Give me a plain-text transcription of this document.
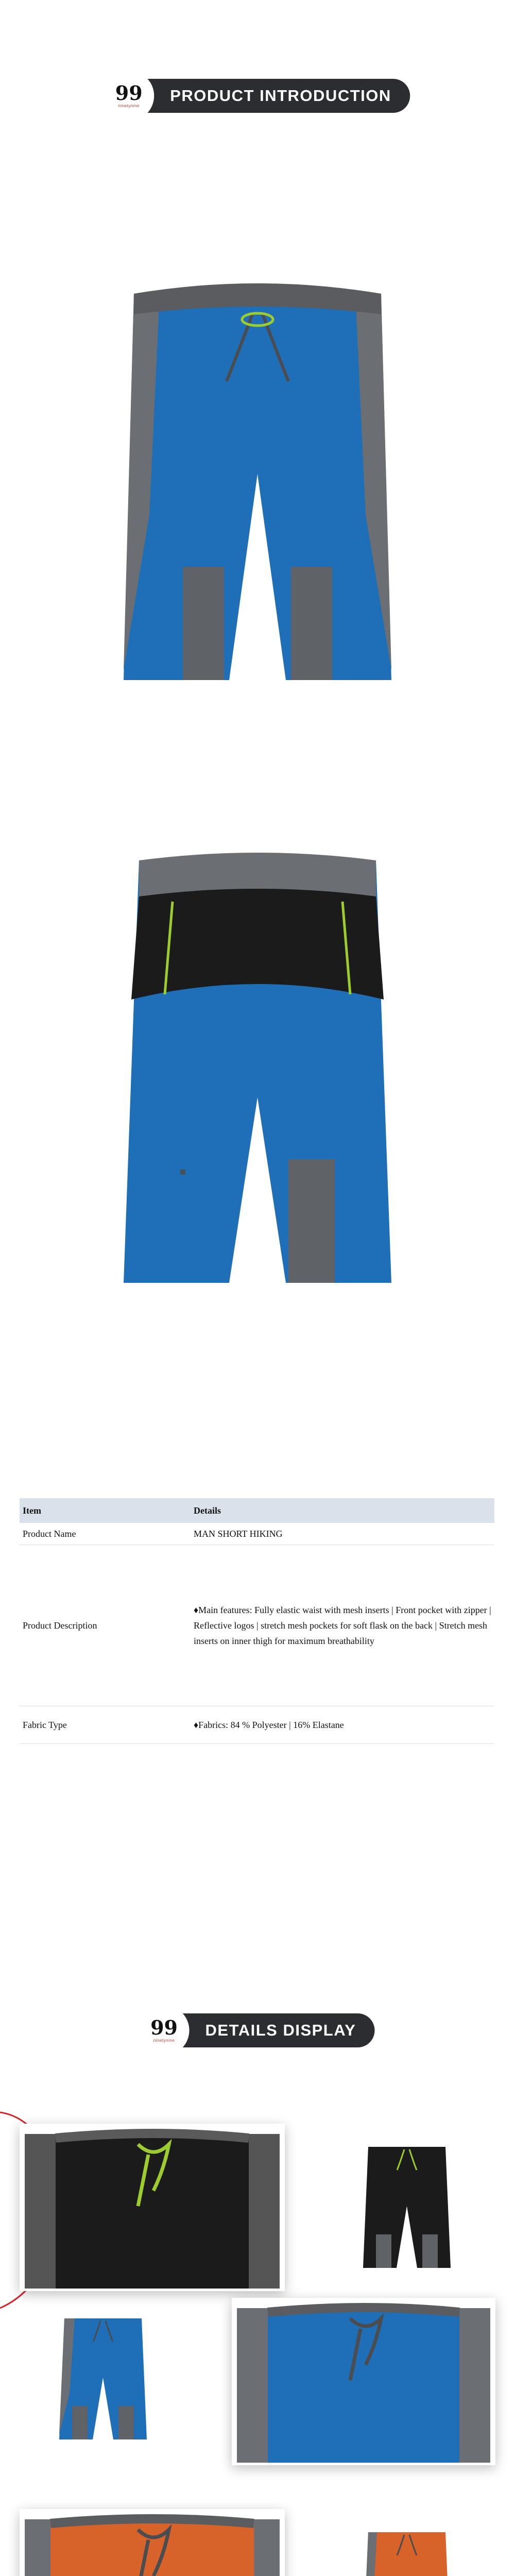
99
ninetynine
PRODUCT INTRODUCTION
Item	Details
Product Name	MAN SHORT HIKING
Product Description	♦Main features: Fully elastic waist with mesh inserts | Front pocket with zipper | Reflective logos | stretch mesh pockets for soft flask on the back | Stretch mesh inserts on inner thigh for maximum breathability
Fabric Type	♦Fabrics: 84 % Polyester | 16% Elastane
99
ninetynine
DETAILS DISPLAY
